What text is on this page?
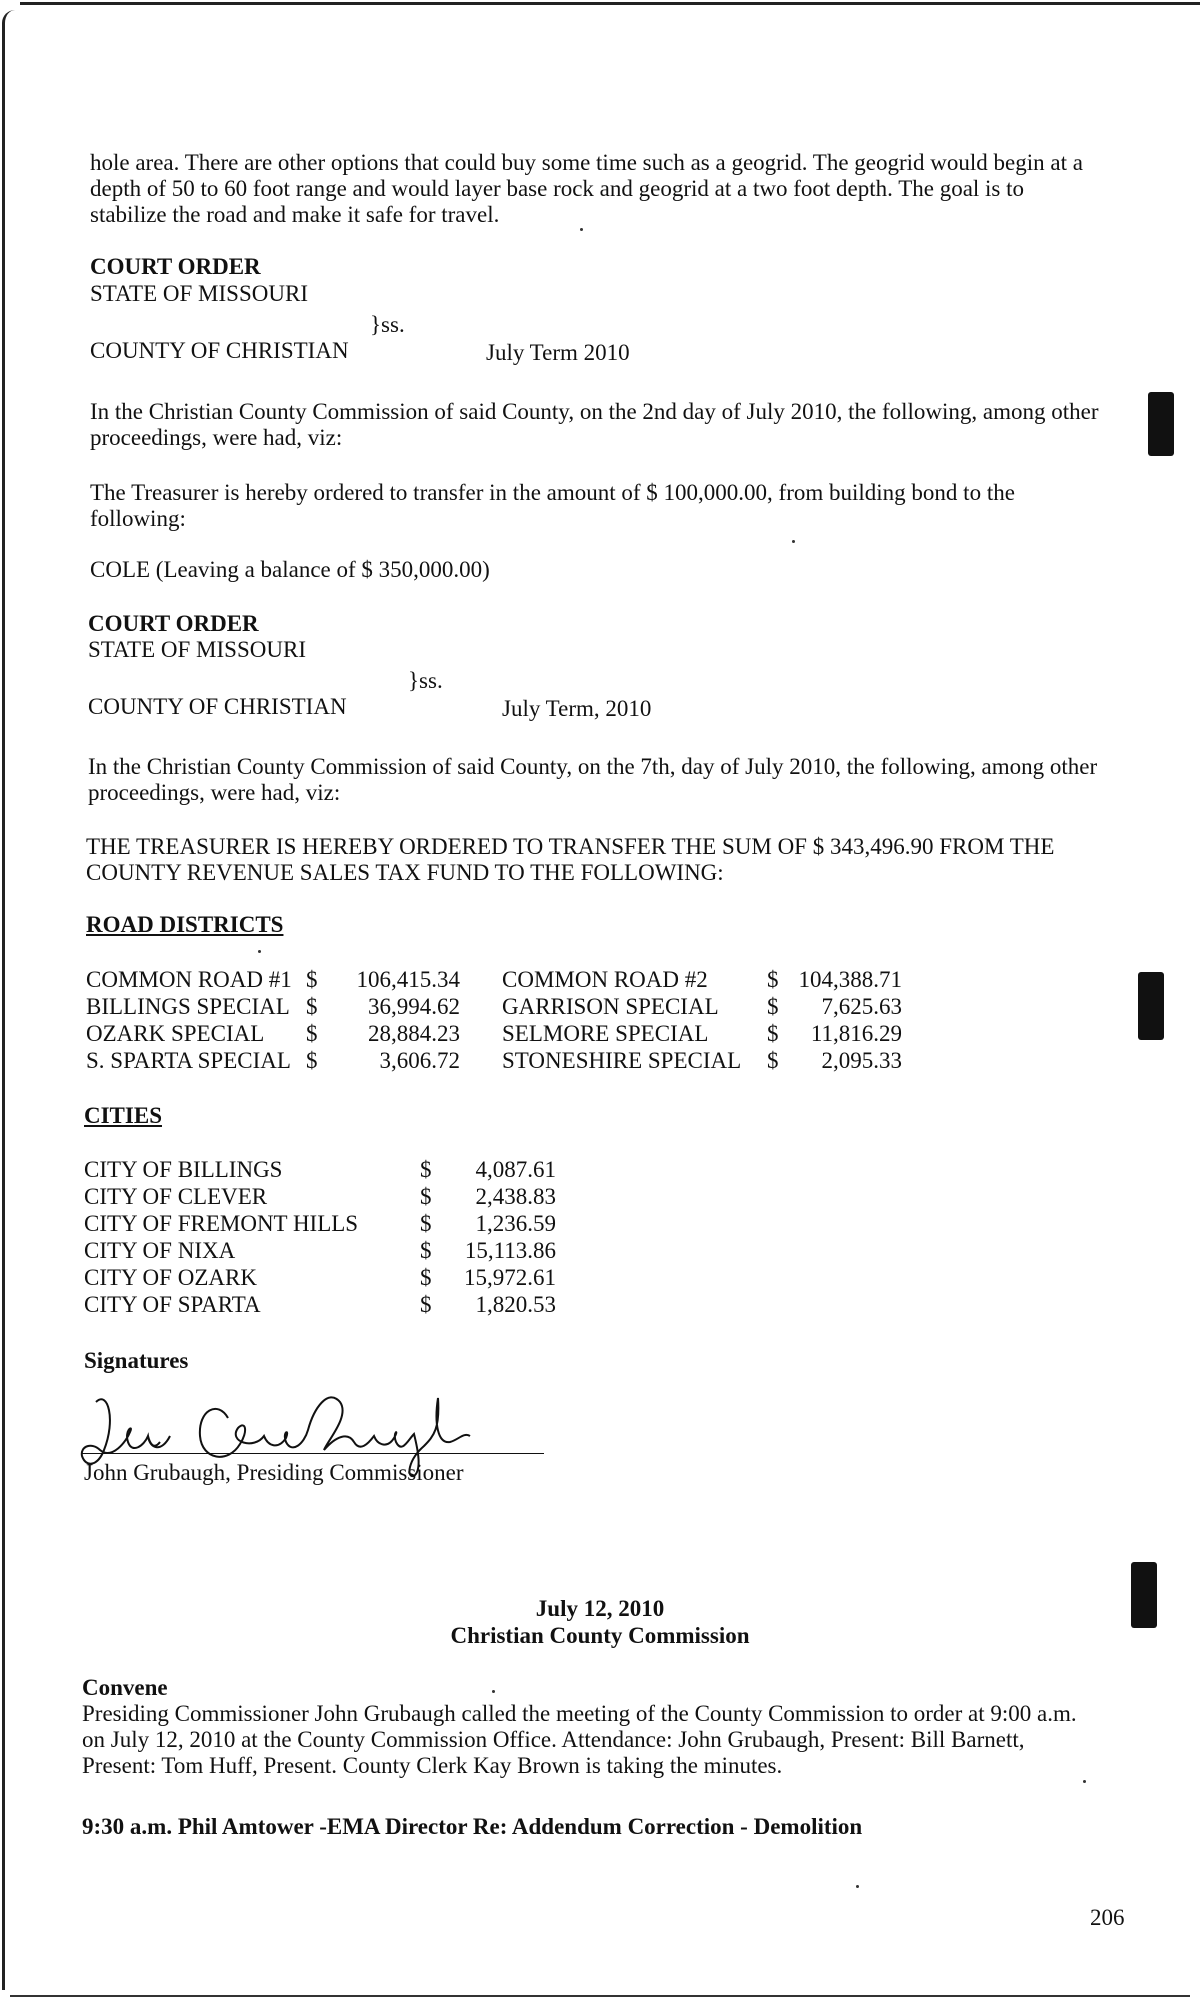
hole area. There are other options that could buy some time such as a geogrid. The geogrid would begin at a depth of 50 to 60 foot range and would layer base rock and geogrid at a two foot depth. The goal is to stabilize the road and make it safe for travel.
COURT ORDER
STATE OF MISSOURI
}ss.
COUNTY OF CHRISTIAN	July Term 2010
In the Christian County Commission of said County, on the 2nd day of July 2010, the following, among other proceedings, were had, viz:
The Treasurer is hereby ordered to transfer in the amount of $ 100,000.00, from building bond to the following:
COLE (Leaving a balance of $ 350,000.00)
COURT ORDER
STATE OF MISSOURI
}ss.
COUNTY OF CHRISTIAN	July Term, 2010
In the Christian County Commission of said County, on the 7th, day of July 2010, the following, among other proceedings, were had, viz:
THE TREASURER IS HEREBY ORDERED TO TRANSFER THE SUM OF $ 343,496.90 FROM THE COUNTY REVENUE SALES TAX FUND TO THE FOLLOWING:
ROAD DISTRICTS
COMMON ROAD #1	$	106,415.34	COMMON ROAD #2	$	104,388.71
BILLINGS SPECIAL	$	36,994.62	GARRISON SPECIAL	$	7,625.63
OZARK SPECIAL	$	28,884.23	SELMORE SPECIAL	$	11,816.29
S. SPARTA SPECIAL	$	3,606.72	STONESHIRE SPECIAL	$	2,095.33
CITIES
CITY OF BILLINGS	$	4,087.61
CITY OF CLEVER	$	2,438.83
CITY OF FREMONT HILLS	$	1,236.59
CITY OF NIXA	$	15,113.86
CITY OF OZARK	$	15,972.61
CITY OF SPARTA	$	1,820.53
Signatures
John Grubaugh, Presiding Commissioner
July 12, 2010
Christian County Commission
Convene
Presiding Commissioner John Grubaugh called the meeting of the County Commission to order at 9:00 a.m. on July 12, 2010 at the County Commission Office. Attendance: John Grubaugh, Present: Bill Barnett, Present: Tom Huff, Present. County Clerk Kay Brown is taking the minutes.
9:30 a.m. Phil Amtower -EMA Director Re: Addendum Correction - Demolition
206
